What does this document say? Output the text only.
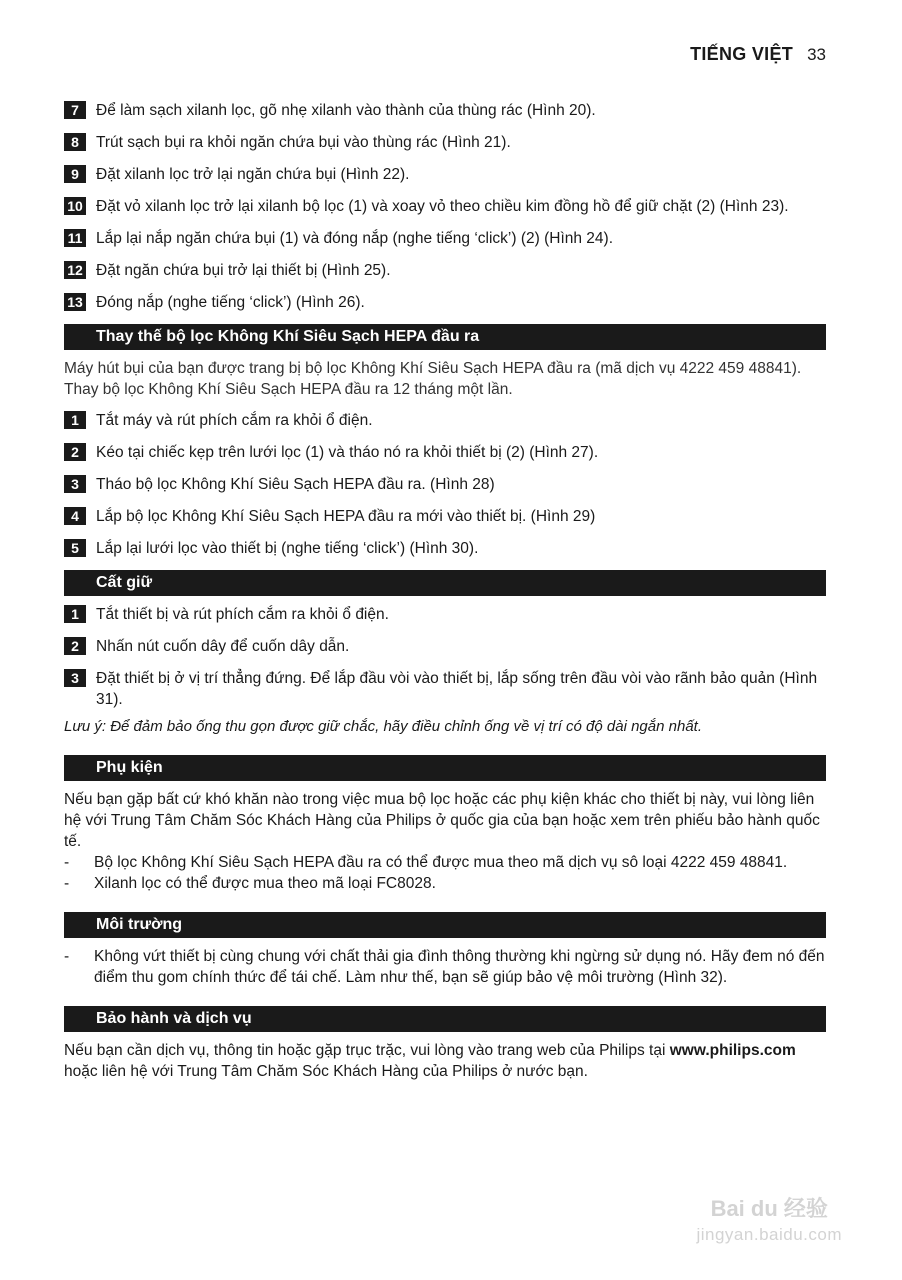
TIẾNG VIỆT 33
7	Để làm sạch xilanh lọc, gõ nhẹ xilanh vào thành của thùng rác (Hình 20).
8	Trút sạch bụi ra khỏi ngăn chứa bụi vào thùng rác (Hình 21).
9	Đặt xilanh lọc trở lại ngăn chứa bụi (Hình 22).
10 Đặt vỏ xilanh lọc trở lại xilanh bộ lọc (1) và xoay vỏ theo chiều kim đồng hồ để giữ chặt (2) (Hình 23).
11 Lắp lại nắp ngăn chứa bụi (1) và đóng nắp (nghe tiếng ‘click’) (2) (Hình 24).
12 Đặt ngăn chứa bụi trở lại thiết bị (Hình 25).
13 Đóng nắp (nghe tiếng ‘click’) (Hình 26).
Thay thế bộ lọc Không Khí Siêu Sạch HEPA đầu ra
Máy hút bụi của bạn được trang bị bộ lọc Không Khí Siêu Sạch HEPA đầu ra (mã dịch vụ 4222 459 48841).
Thay bộ lọc Không Khí Siêu Sạch HEPA đầu ra 12 tháng một lần.
1	Tắt máy và rút phích cắm ra khỏi ổ điện.
2	Kéo tại chiếc kẹp trên lưới lọc (1) và tháo nó ra khỏi thiết bị (2) (Hình 27).
3	Tháo bộ lọc Không Khí Siêu Sạch HEPA đầu ra. (Hình 28)
4	Lắp bộ lọc Không Khí Siêu Sạch HEPA đầu ra mới vào thiết bị. (Hình 29)
5	Lắp lại lưới lọc vào thiết bị (nghe tiếng ‘click’) (Hình 30).
Cất giữ
1	Tắt thiết bị và rút phích cắm ra khỏi ổ điện.
2	Nhấn nút cuốn dây để cuốn dây dẫn.
3	Đặt thiết bị ở vị trí thẳng đứng. Để lắp đầu vòi vào thiết bị, lắp sống trên đầu vòi vào rãnh bảo quản (Hình 31).
Lưu ý: Để đảm bảo ống thu gọn được giữ chắc, hãy điều chỉnh ống về vị trí có độ dài ngắn nhất.
Phụ kiện
Nếu bạn gặp bất cứ khó khăn nào trong việc mua bộ lọc hoặc các phụ kiện khác cho thiết bị này, vui lòng liên hệ với Trung Tâm Chăm Sóc Khách Hàng của Philips ở quốc gia của bạn hoặc xem trên phiếu bảo hành quốc tế.
-	Bộ lọc Không Khí Siêu Sạch HEPA đầu ra có thể được mua theo mã dịch vụ sô loại 4222 459 48841.
-	Xilanh lọc có thể được mua theo mã loại FC8028.
Môi trường
-	Không vứt thiết bị cùng chung với chất thải gia đình thông thường khi ngừng sử dụng nó. Hãy đem nó đến điểm thu gom chính thức để tái chế. Làm như thế, bạn sẽ giúp bảo vệ môi trường (Hình 32).
Bảo hành và dịch vụ
Nếu bạn cần dịch vụ, thông tin hoặc gặp trục trặc, vui lòng vào trang web của Philips tại www.philips.com hoặc liên hệ với Trung Tâm Chăm Sóc Khách Hàng của Philips ở nước bạn.
Bai du 经验
jingyan.baidu.com
